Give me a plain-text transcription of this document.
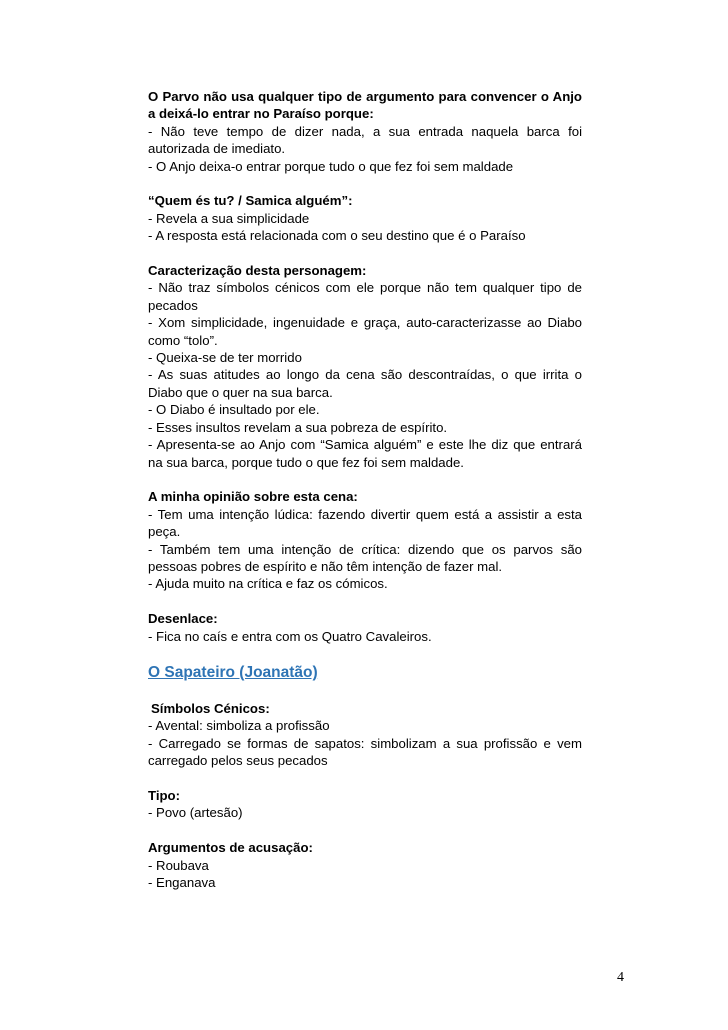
O Parvo não usa qualquer tipo de argumento para convencer o Anjo a deixá-lo entrar no Paraíso porque:
- Não teve tempo de dizer nada, a sua entrada naquela barca foi autorizada de imediato.
- O Anjo deixa-o entrar porque tudo o que fez foi sem maldade
“Quem és tu? / Samica alguém”:
- Revela a sua simplicidade
- A resposta está relacionada com o seu destino que é o Paraíso
Caracterização desta personagem:
- Não traz símbolos cénicos com ele porque não tem qualquer tipo de pecados
- Xom simplicidade, ingenuidade e graça, auto-caracterizasse ao Diabo como “tolo”.
- Queixa-se de ter morrido
- As suas atitudes ao longo da cena são descontraídas, o que irrita o Diabo que o quer na sua barca.
- O Diabo é insultado por ele.
- Esses insultos revelam a sua pobreza de espírito.
- Apresenta-se ao Anjo com “Samica alguém” e este lhe diz que entrará na sua barca, porque tudo o que fez foi sem maldade.
A minha opinião sobre esta cena:
- Tem uma intenção lúdica: fazendo divertir quem está a assistir a esta peça.
- Também tem uma intenção de crítica: dizendo que os parvos são pessoas pobres de espírito e não têm intenção de fazer mal.
- Ajuda muito na crítica e faz os cómicos.
Desenlace:
- Fica no caís e entra com os Quatro Cavaleiros.
O Sapateiro (Joanatão)
Símbolos Cénicos:
- Avental: simboliza a profissão
- Carregado se formas de sapatos: simbolizam a sua profissão e vem carregado pelos seus pecados
Tipo:
- Povo (artesão)
Argumentos de acusação:
- Roubava
- Enganava
4
